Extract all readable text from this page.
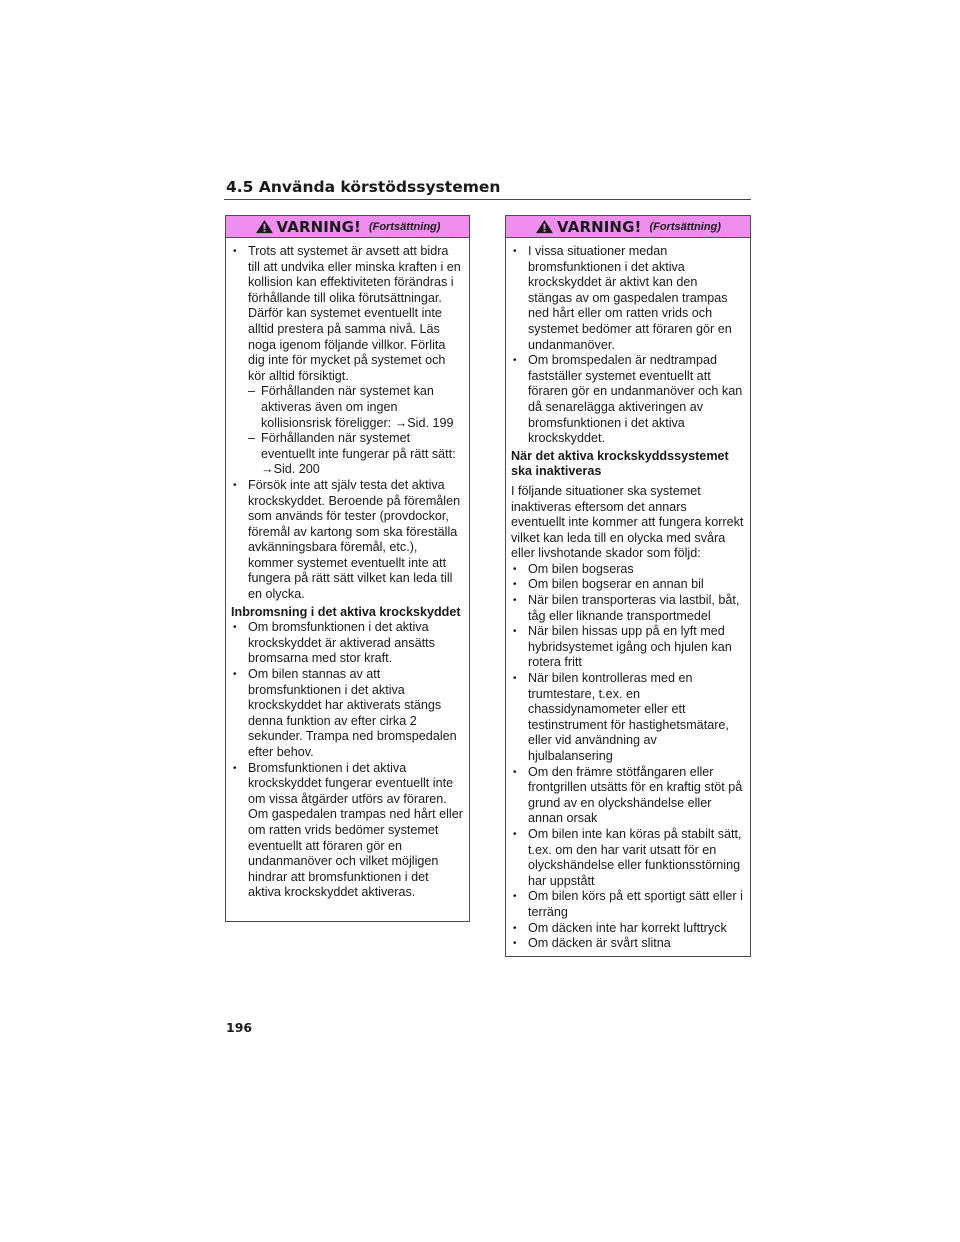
4.5 Använda körstödssystemen
VARNING! (Fortsättning)
• Trots att systemet är avsett att bidra till att undvika eller minska kraften i en kollision kan effektiviteten förändras i förhållande till olika förutsättningar. Därför kan systemet eventuellt inte alltid prestera på samma nivå. Läs noga igenom följande villkor. Förlita dig inte för mycket på systemet och kör alltid försiktigt.
– Förhållanden när systemet kan aktiveras även om ingen kollisionsrisk föreligger: →Sid. 199
– Förhållanden när systemet eventuellt inte fungerar på rätt sätt: →Sid. 200
• Försök inte att själv testa det aktiva krockskyddet. Beroende på föremålen som används för tester (provdockor, föremål av kartong som ska föreställa avkänningsbara föremål, etc.), kommer systemet eventuellt inte att fungera på rätt sätt vilket kan leda till en olycka.
Inbromsning i det aktiva krockskyddet
• Om bromsfunktionen i det aktiva krockskyddet är aktiverad ansätts bromsarna med stor kraft.
• Om bilen stannas av att bromsfunktionen i det aktiva krockskyddet har aktiverats stängs denna funktion av efter cirka 2 sekunder. Trampa ned bromspedalen efter behov.
• Bromsfunktionen i det aktiva krockskyddet fungerar eventuellt inte om vissa åtgärder utförs av föraren. Om gaspedalen trampas ned hårt eller om ratten vrids bedömer systemet eventuellt att föraren gör en undanmanöver och vilket möjligen hindrar att bromsfunktionen i det aktiva krockskyddet aktiveras.
VARNING! (Fortsättning)
• I vissa situationer medan bromsfunktionen i det aktiva krockskyddet är aktivt kan den stängas av om gaspedalen trampas ned hårt eller om ratten vrids och systemet bedömer att föraren gör en undanmanöver.
• Om bromspedalen är nedtrampad fastställer systemet eventuellt att föraren gör en undanmanöver och kan då senarelägga aktiveringen av bromsfunktionen i det aktiva krockskyddet.
När det aktiva krockskyddssystemet ska inaktiveras

I följande situationer ska systemet inaktiveras eftersom det annars eventuellt inte kommer att fungera korrekt vilket kan leda till en olycka med svåra eller livshotande skador som följd:

• Om bilen bogseras
• Om bilen bogserar en annan bil
• När bilen transporteras via lastbil, båt, tåg eller liknande transportmedel
• När bilen hissas upp på en lyft med hybridsystemet igång och hjulen kan rotera fritt
• När bilen kontrolleras med en trumtestare, t.ex. en chassidynamometer eller ett testinstrument för hastighetsmätare, eller vid användning av hjulbalansering
• Om den främre stötfångaren eller frontgrillen utsätts för en kraftig stöt på grund av en olyckshändelse eller annan orsak
• Om bilen inte kan köras på stabilt sätt, t.ex. om den har varit utsatt för en olyckshändelse eller funktionsstörning har uppstått
• Om bilen körs på ett sportigt sätt eller i terräng
• Om däcken inte har korrekt lufttryck
• Om däcken är svårt slitna
196
